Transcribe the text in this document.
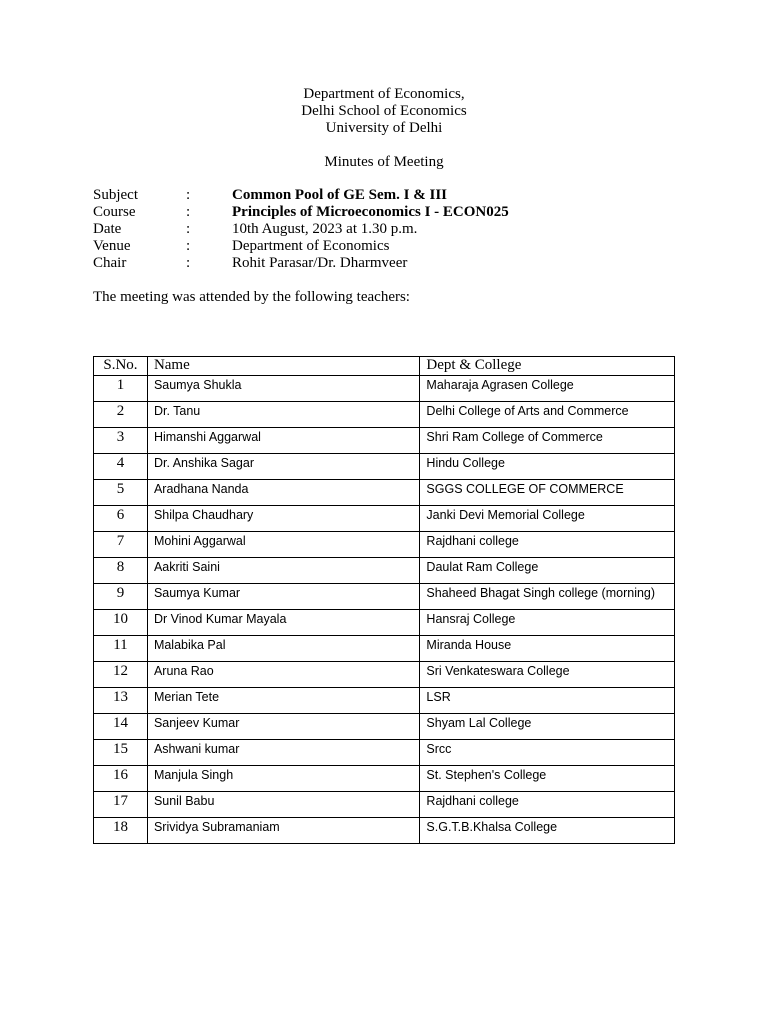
Department of Economics,
Delhi School of Economics
University of Delhi
Minutes of Meeting
Subject	:	Common Pool of GE Sem. I & III
Course	:	Principles of Microeconomics I - ECON025
Date	:	10th August, 2023 at 1.30 p.m.
Venue	:	Department of Economics
Chair	:	Rohit Parasar/Dr. Dharmveer
The meeting was attended by the following teachers:
S.No.	Name	Dept & College
1	Saumya Shukla	Maharaja Agrasen College
2	Dr. Tanu	Delhi College of Arts and Commerce
3	Himanshi Aggarwal	Shri Ram College of Commerce
4	Dr. Anshika Sagar	Hindu College
5	Aradhana Nanda	SGGS COLLEGE OF COMMERCE
6	Shilpa Chaudhary	Janki Devi Memorial College
7	Mohini Aggarwal	Rajdhani college
8	Aakriti Saini	Daulat Ram College
9	Saumya Kumar	Shaheed Bhagat Singh college (morning)
10	Dr Vinod Kumar Mayala	Hansraj College
11	Malabika Pal	Miranda House
12	Aruna Rao	Sri Venkateswara College
13	Merian Tete	LSR
14	Sanjeev Kumar	Shyam Lal College
15	Ashwani kumar	Srcc
16	Manjula Singh	St. Stephen's College
17	Sunil Babu	Rajdhani college
18	Srividya Subramaniam	S.G.T.B.Khalsa College
